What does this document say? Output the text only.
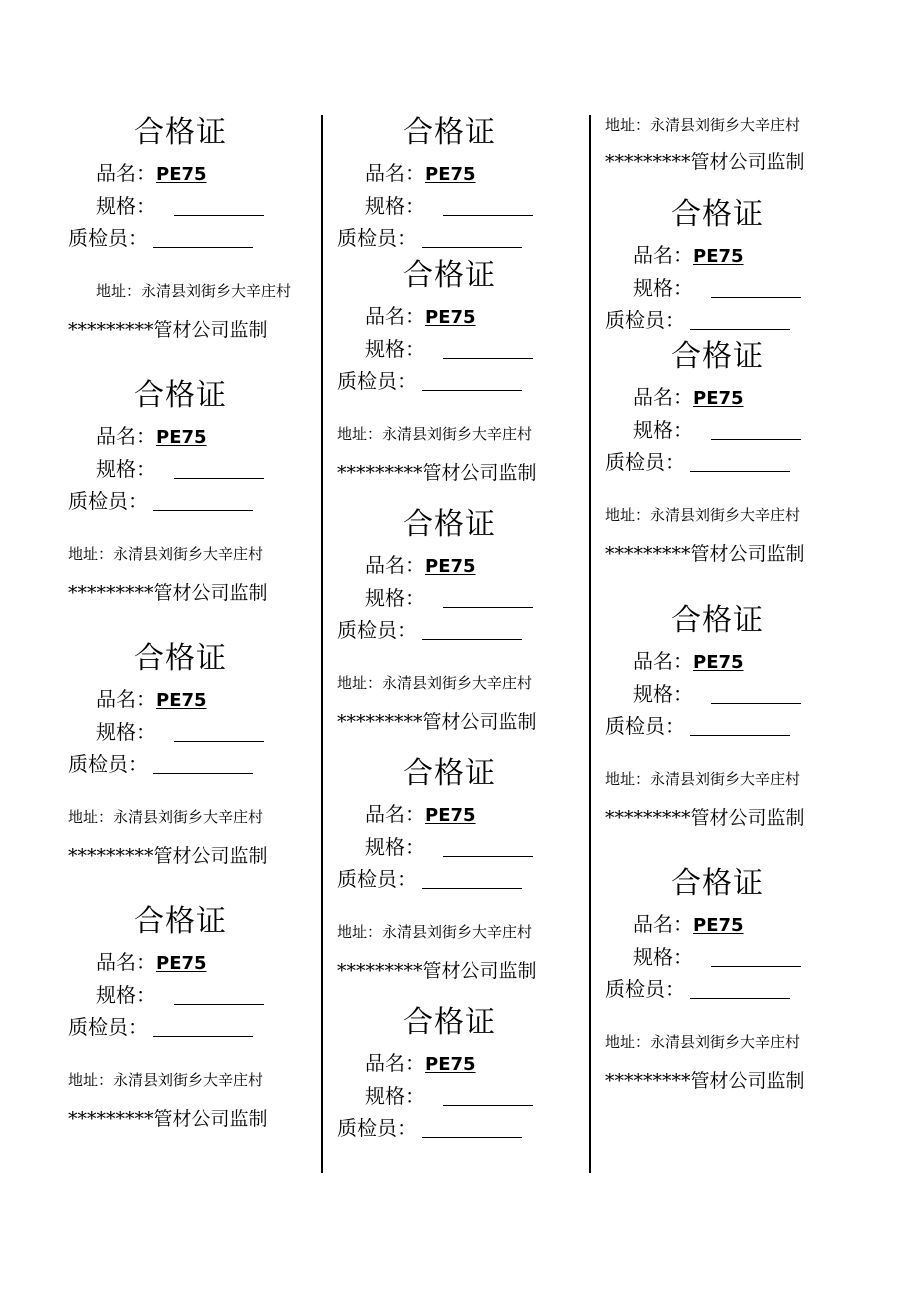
地址：永清县刘街乡大辛庄村
*********管材公司监制
合格证
品名：PE75
规格：
质检员：
地址：永清县刘街乡大辛庄村
*********管材公司监制
合格证
品名：PE75
规格：
质检员：
地址：永清县刘街乡大辛庄村
*********管材公司监制
合格证
品名：PE75
规格：
质检员：
地址：永清县刘街乡大辛庄村
*********管材公司监制
合格证
品名：PE75
规格：
质检员：
地址：永清县刘街乡大辛庄村
*********管材公司监制
合格证
品名：PE75
规格：
质检员：
合格证
品名：PE75
规格：
质检员：
地址：永清县刘街乡大辛庄村
*********管材公司监制
合格证
品名：PE75
规格：
质检员：
地址：永清县刘街乡大辛庄村
*********管材公司监制
合格证
品名：PE75
规格：
质检员：
地址：永清县刘街乡大辛庄村
*********管材公司监制
合格证
品名：PE75
规格：
质检员：
合格证
品名：PE75
规格：
质检员：
合格证
品名：PE75
规格：
质检员：
地址：永清县刘街乡大辛庄村
*********管材公司监制
合格证
品名：PE75
规格：
质检员：
地址：永清县刘街乡大辛庄村
*********管材公司监制
合格证
品名：PE75
规格：
质检员：
地址：永清县刘街乡大辛庄村
*********管材公司监制
